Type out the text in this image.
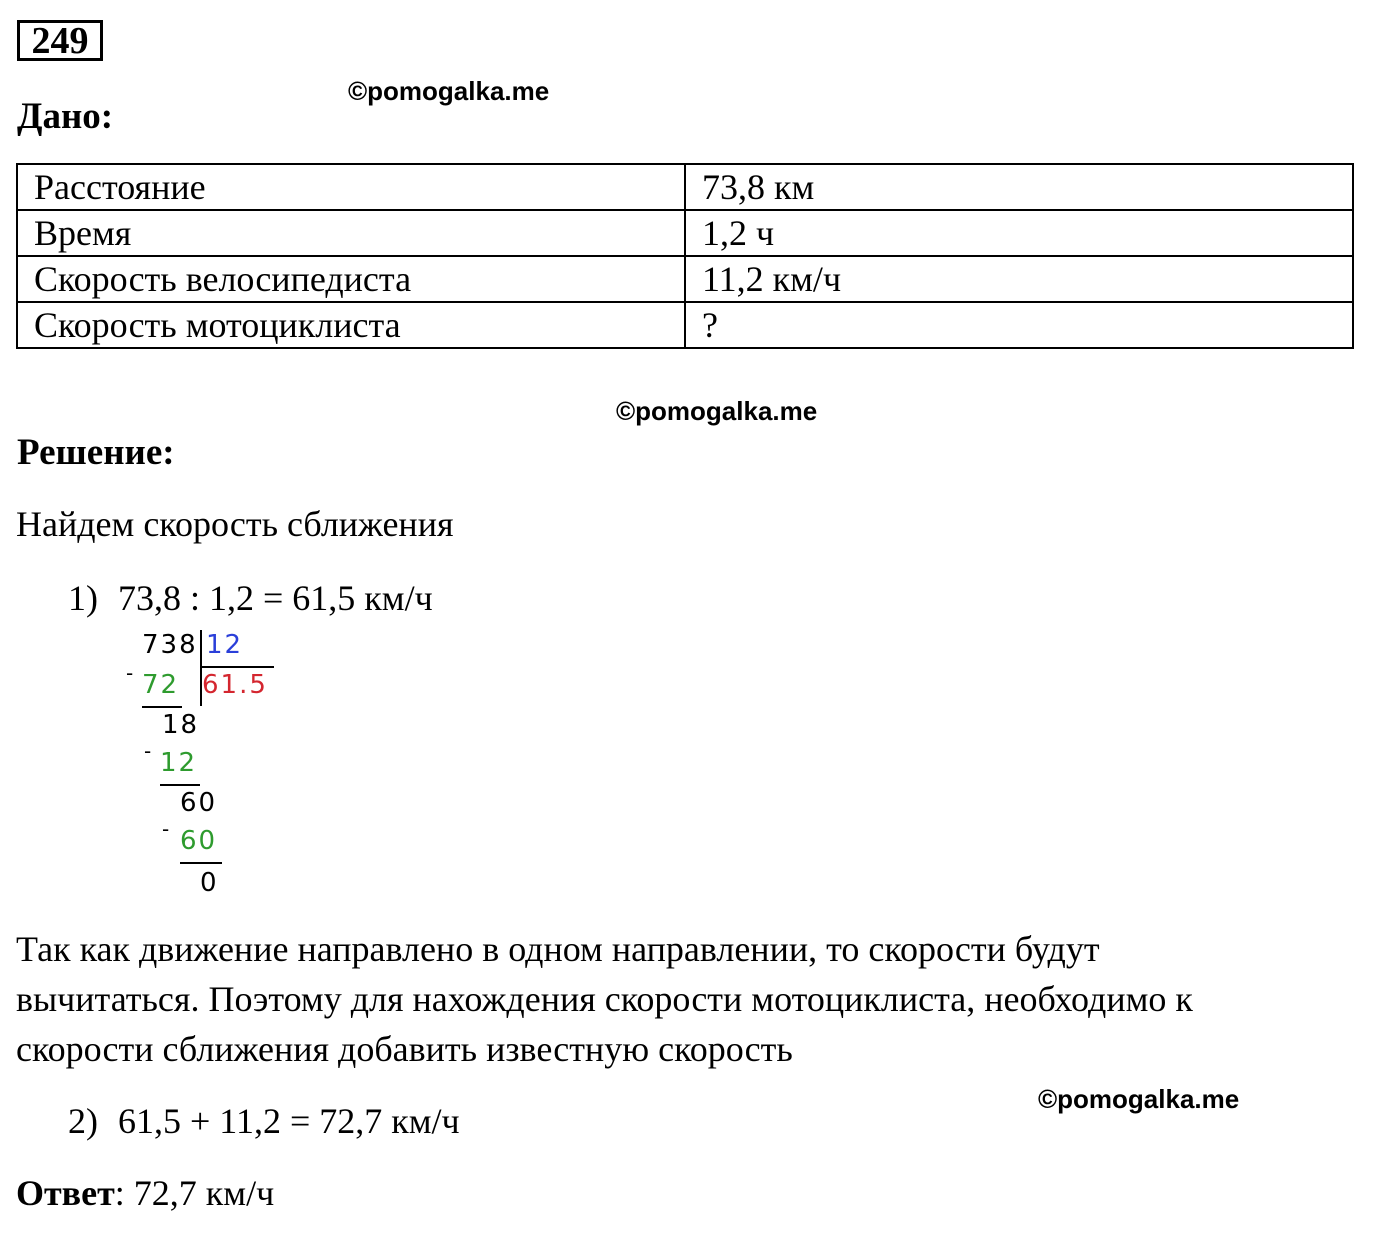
249
©pomogalka.me
Дано:
Расстояние	73,8 км
Время	1,2 ч
Скорость велосипедиста	11,2 км/ч
Скорость мотоциклиста	?
©pomogalka.me
Решение:
Найдем скорость сближения
1) 73,8 : 1,2 = 61,5 км/ч
738 12
61.5
- 72
18
- 12
60
- 60
0
Так как движение направлено в одном направлении, то скорости будут
вычитаться. Поэтому для нахождения скорости мотоциклиста, необходимо к
скорости сближения добавить известную скорость
©pomogalka.me
2) 61,5 + 11,2 = 72,7 км/ч
Ответ: 72,7 км/ч
